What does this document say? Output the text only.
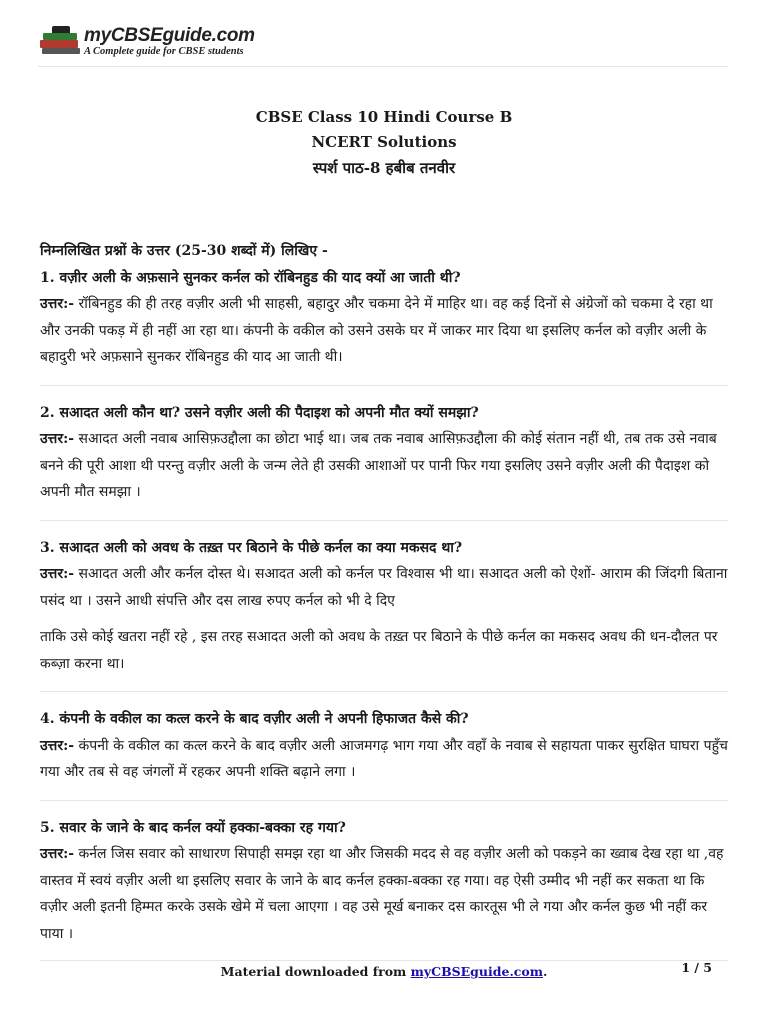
myCBSEguide.com
A Complete guide for CBSE students
CBSE Class 10 Hindi Course B
NCERT Solutions
स्पर्श पाठ-8 हबीब तनवीर

निम्नलिखित प्रश्नों के उत्तर (25-30 शब्दों में) लिखिए -

1. वज़ीर अली के अफ़साने सुनकर कर्नल को रॉबिनहुड की याद क्यों आ जाती थी?

उत्तर:- रॉबिनहुड की ही तरह वज़ीर अली भी साहसी, बहादुर और चकमा देने में माहिर था। वह कई दिनों से अंग्रेजों को चकमा दे रहा था और उनकी पकड़ में ही नहीं आ रहा था। कंपनी के वकील को उसने उसके घर में जाकर मार दिया था इसलिए कर्नल को वज़ीर अली के बहादुरी भरे अफ़साने सुनकर रॉबिनहुड की याद आ जाती थी।

2. सआदत अली कौन था? उसने वज़ीर अली की पैदाइश को अपनी मौत क्यों समझा?

उत्तर:- सआदत अली नवाब आसिफ़उद्दौला का छोटा भाई था। जब तक नवाब आसिफ़उद्दौला की कोई संतान नहीं थी, तब तक उसे नवाब बनने की पूरी आशा थी परन्तु वज़ीर अली के जन्म लेते ही उसकी आशाओं पर पानी फिर गया इसलिए उसने वज़ीर अली की पैदाइश को अपनी मौत समझा ।

3. सआदत अली को अवध के तख़्त पर बिठाने के पीछे कर्नल का क्या मकसद था?

उत्तर:- सआदत अली और कर्नल दोस्त थे। सआदत अली को कर्नल पर विश्वास भी था। सआदत अली को ऐशों- आराम की जिंदगी बिताना पसंद था । उसने आधी संपत्ति और दस लाख रुपए कर्नल को भी दे दिए

ताकि उसे कोई खतरा नहीं रहे , इस तरह सआदत अली को अवध के तख़्त पर बिठाने के पीछे कर्नल का मकसद अवध की धन-दौलत पर कब्ज़ा करना था।

4. कंपनी के वकील का कत्ल करने के बाद वज़ीर अली ने अपनी हिफाजत कैसे की?

उत्तर:- कंपनी के वकील का कत्ल करने के बाद वज़ीर अली आजमगढ़ भाग गया और वहाँ के नवाब से सहायता पाकर सुरक्षित घाघरा पहुँच गया और तब से वह जंगलों में रहकर अपनी शक्ति बढ़ाने लगा ।

5. सवार के जाने के बाद कर्नल क्यों हक्का-बक्का रह गया?

उत्तर:- कर्नल जिस सवार को साधारण सिपाही समझ रहा था और जिसकी मदद से वह वज़ीर अली को पकड़ने का ख्वाब देख रहा था ,वह वास्तव में स्वयं वज़ीर अली था इसलिए सवार के जाने के बाद कर्नल हक्का-बक्का रह गया। वह ऐसी उम्मीद भी नहीं कर सकता था कि वज़ीर अली इतनी हिम्मत करके उसके खेमे में चला आएगा । वह उसे मूर्ख बनाकर दस कारतूस भी ले गया और कर्नल कुछ भी नहीं कर पाया ।

Material downloaded from myCBSEguide.com.	1 / 5
